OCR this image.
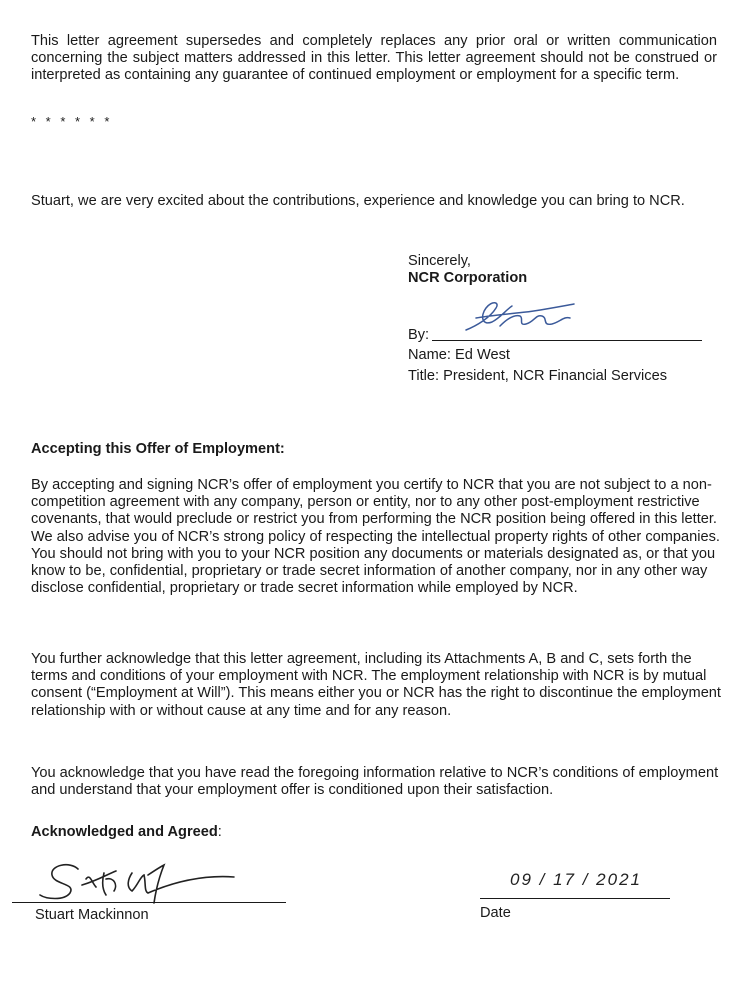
This letter agreement supersedes and completely replaces any prior oral or written communication concerning the subject matters addressed in this letter. This letter agreement should not be construed or interpreted as containing any guarantee of continued employment or employment for a specific term.

* * * * * *

Stuart, we are very excited about the contributions, experience and knowledge you can bring to NCR.

Sincerely,
NCR Corporation
By:
Name: Ed West
Title: President, NCR Financial Services
Accepting this Offer of Employment:

By accepting and signing NCR’s offer of employment you certify to NCR that you are not subject to a non-competition agreement with any company, person or entity, nor to any other post-employment restrictive covenants, that would preclude or restrict you from performing the NCR position being offered in this letter. We also advise you of NCR’s strong policy of respecting the intellectual property rights of other companies. You should not bring with you to your NCR position any documents or materials designated as, or that you know to be, confidential, proprietary or trade secret information of another company, nor in any other way disclose confidential, proprietary or trade secret information while employed by NCR.

You further acknowledge that this letter agreement, including its Attachments A, B and C, sets forth the terms and conditions of your employment with NCR. The employment relationship with NCR is by mutual consent (“Employment at Will”). This means either you or NCR has the right to discontinue the employment relationship with or without cause at any time and for any reason.

You acknowledge that you have read the foregoing information relative to NCR’s conditions of employment and understand that your employment offer is conditioned upon their satisfaction.

Acknowledged and Agreed:
Stuart Mackinnon
09 / 17 / 2021
Date
